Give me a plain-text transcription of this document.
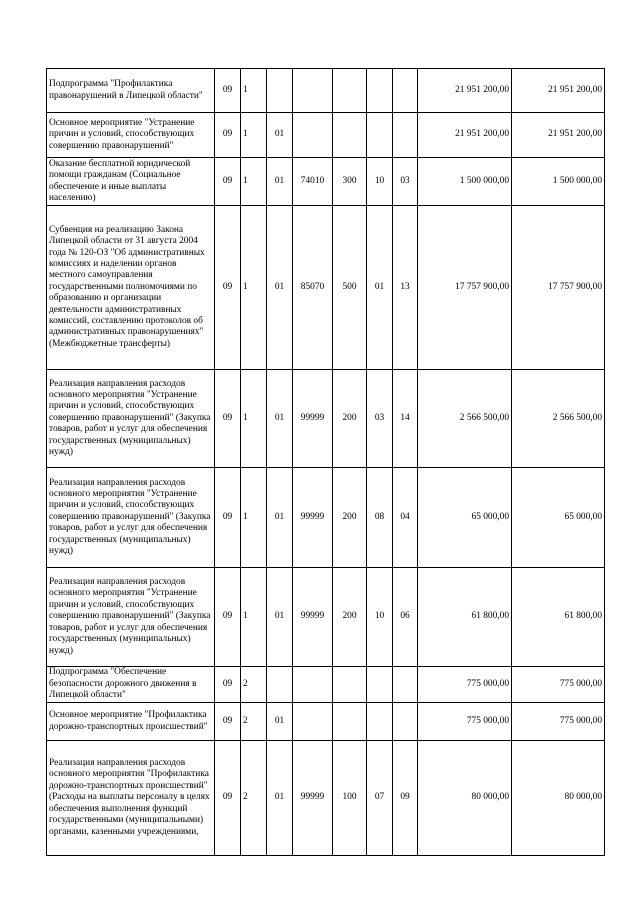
Подпрограмма "Профилактика правонарушений в Липецкой области"	09	1						21 951 200,00	21 951 200,00
Основное мероприятие "Устранение причин и условий, способствующих совершению правонарушений"	09	1	01					21 951 200,00	21 951 200,00
Оказание бесплатной юридической помощи гражданам (Социальное обеспечение и иные выплаты населению)	09	1	01	74010	300	10	03	1 500 000,00	1 500 000,00
Субвенция на реализацию Закона Липецкой области от 31 августа 2004 года № 120-ОЗ "Об административных комиссиях и наделении органов местного самоуправления государственными полномочиями по образованию и организации деятельности административных комиссий, составлению протоколов об административных правонарушениях" (Межбюджетные трансферты)	09	1	01	85070	500	01	13	17 757 900,00	17 757 900,00
Реализация направления расходов основного мероприятия "Устранение причин и условий, способствующих совершению правонарушений" (Закупка товаров, работ и услуг для обеспечения государственных (муниципальных) нужд)	09	1	01	99999	200	03	14	2 566 500,00	2 566 500,00
Реализация направления расходов основного мероприятия "Устранение причин и условий, способствующих совершению правонарушений" (Закупка товаров, работ и услуг для обеспечения государственных (муниципальных) нужд)	09	1	01	99999	200	08	04	65 000,00	65 000,00
Реализация направления расходов основного мероприятия "Устранение причин и условий, способствующих совершению правонарушений" (Закупка товаров, работ и услуг для обеспечения государственных (муниципальных) нужд)	09	1	01	99999	200	10	06	61 800,00	61 800,00
Подпрограмма "Обеспечение безопасности дорожного движения в Липецкой области"	09	2						775 000,00	775 000,00
Основное мероприятие "Профилактика дорожно-транспортных происшествий"	09	2	01					775 000,00	775 000,00
Реализация направления расходов основного мероприятия "Профилактика дорожно-транспортных происшествий" (Расходы на выплаты персоналу в целях обеспечения выполнения функций государственными (муниципальными) органами, казенными учреждениями,	09	2	01	99999	100	07	09	80 000,00	80 000,00
